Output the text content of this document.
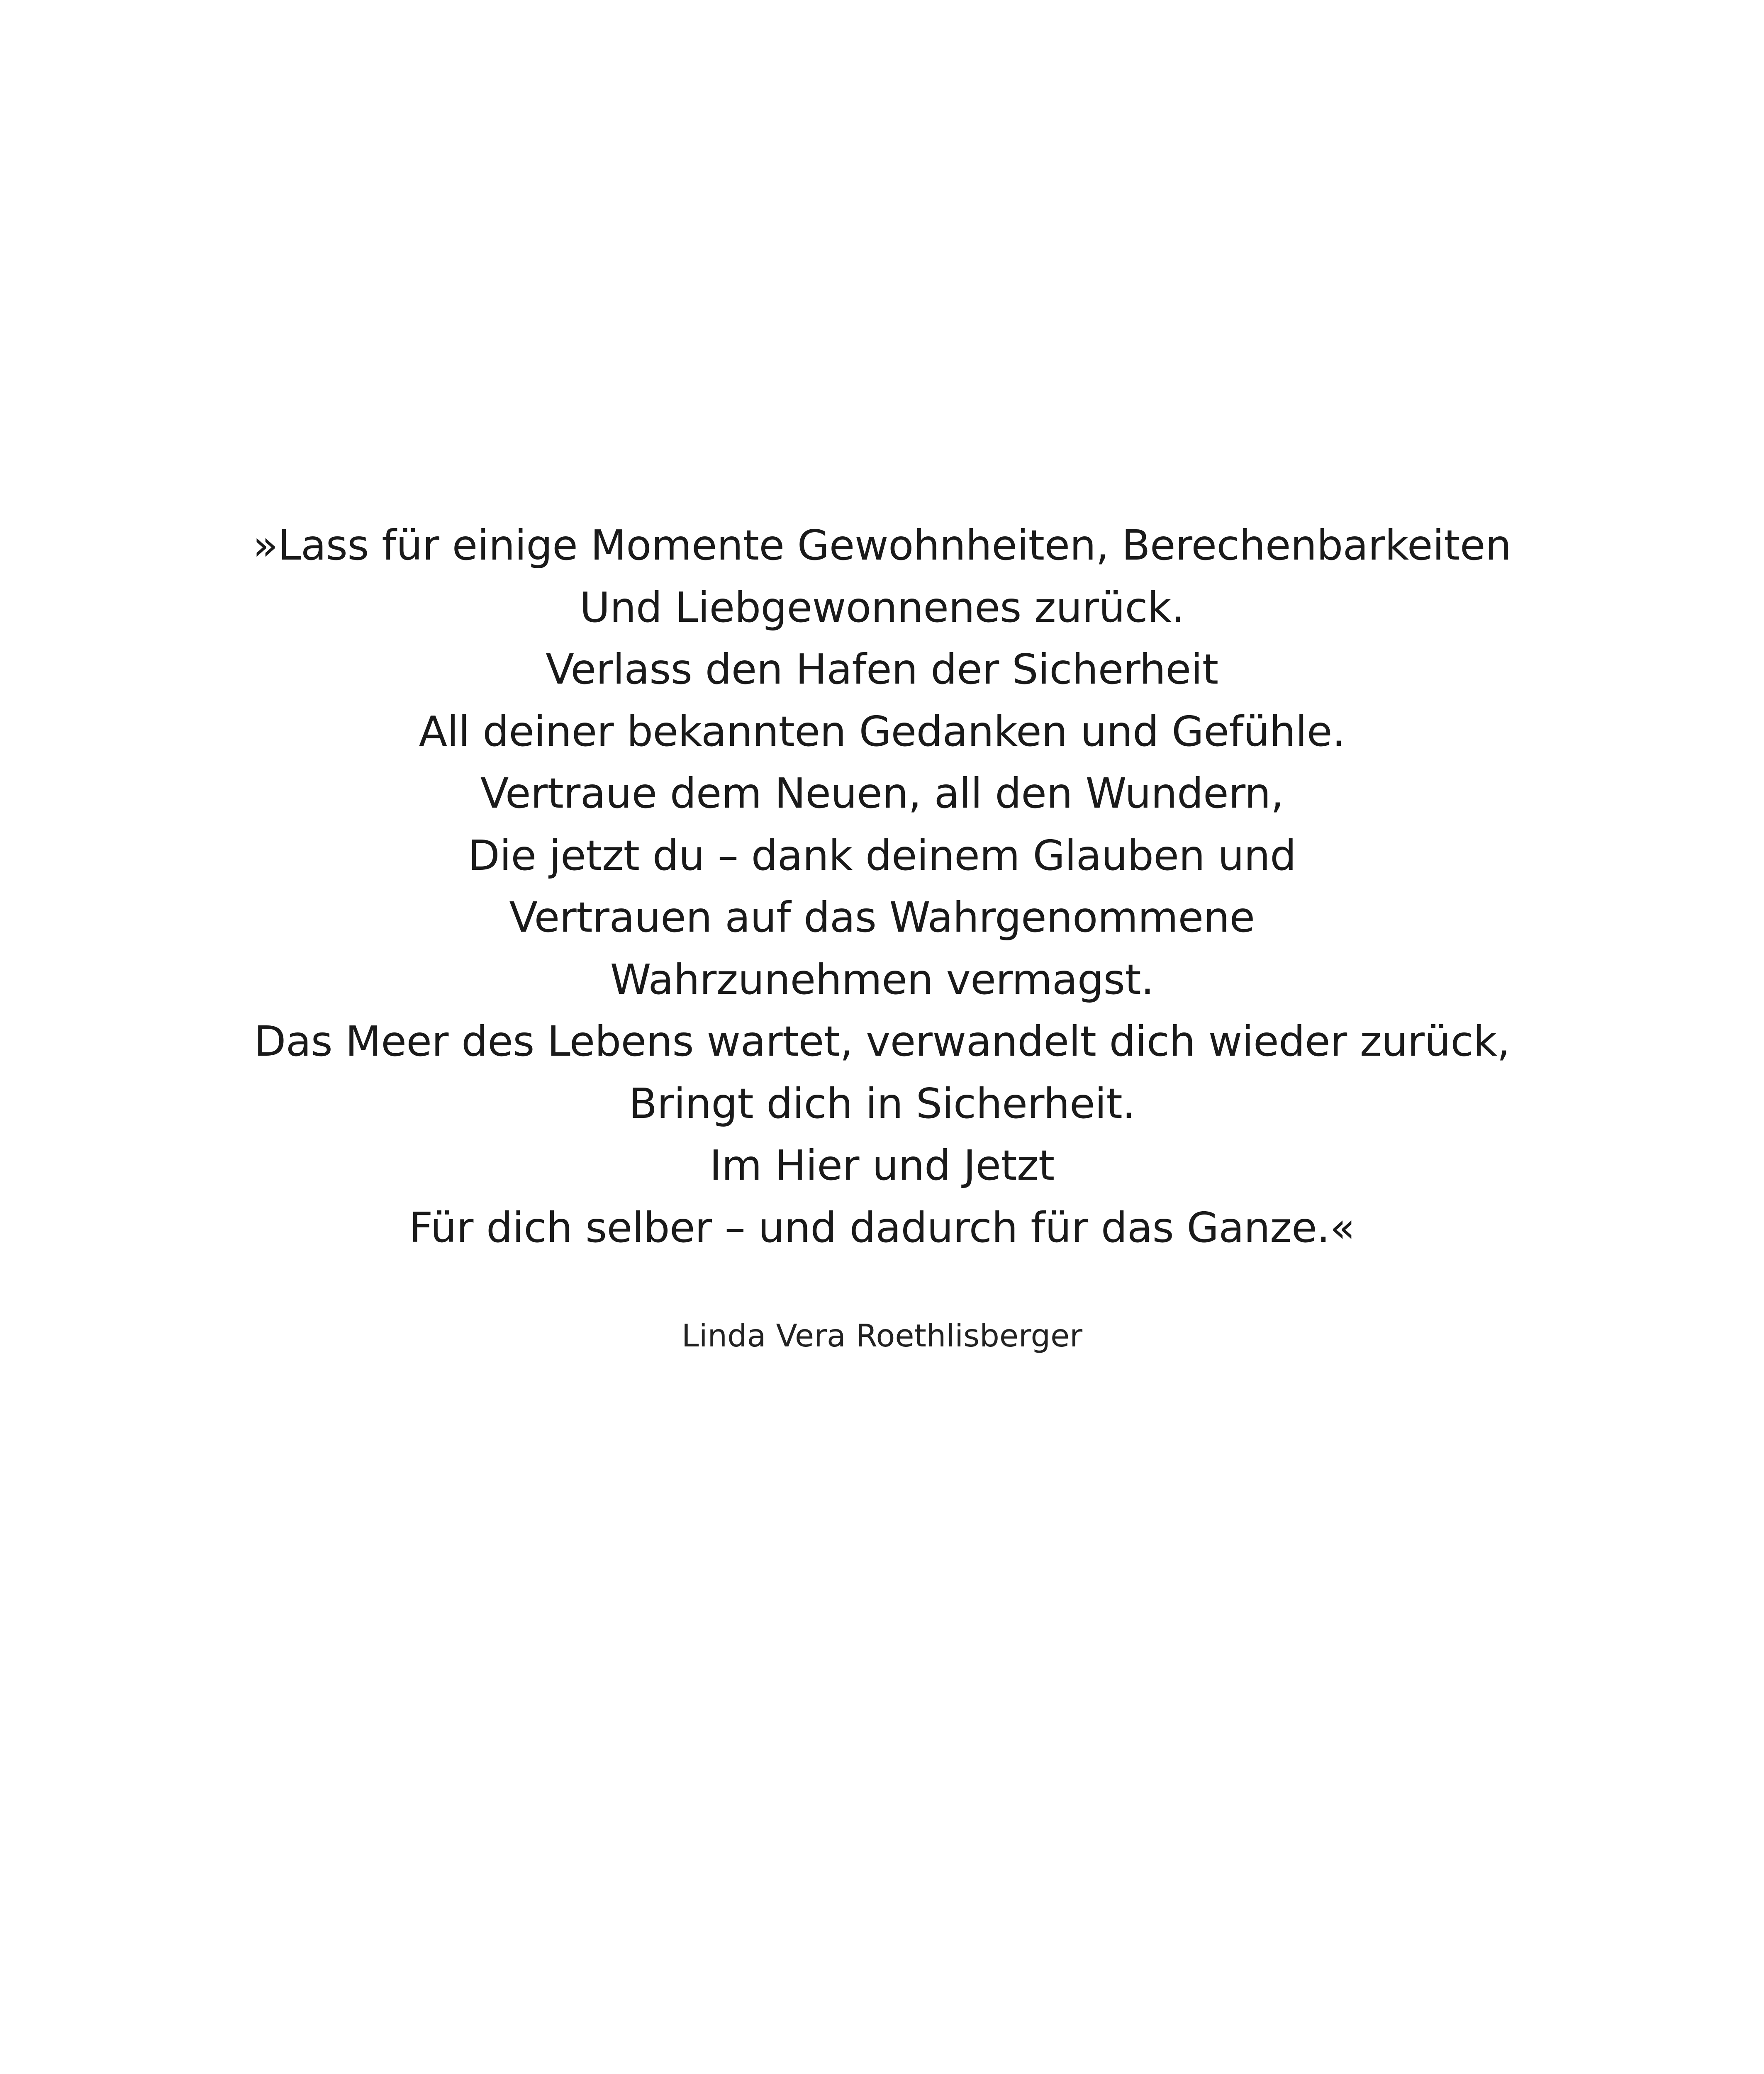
»Lass für einige Momente Gewohnheiten, Berechenbarkeiten
Und Liebgewonnenes zurück.
Verlass den Hafen der Sicherheit
All deiner bekannten Gedanken und Gefühle.
Vertraue dem Neuen, all den Wundern,
Die jetzt du – dank deinem Glauben und
Vertrauen auf das Wahrgenommene
Wahrzunehmen vermagst.
Das Meer des Lebens wartet, verwandelt dich wieder zurück,
Bringt dich in Sicherheit.
Im Hier und Jetzt
Für dich selber – und dadurch für das Ganze.«
Linda Vera Roethlisberger
